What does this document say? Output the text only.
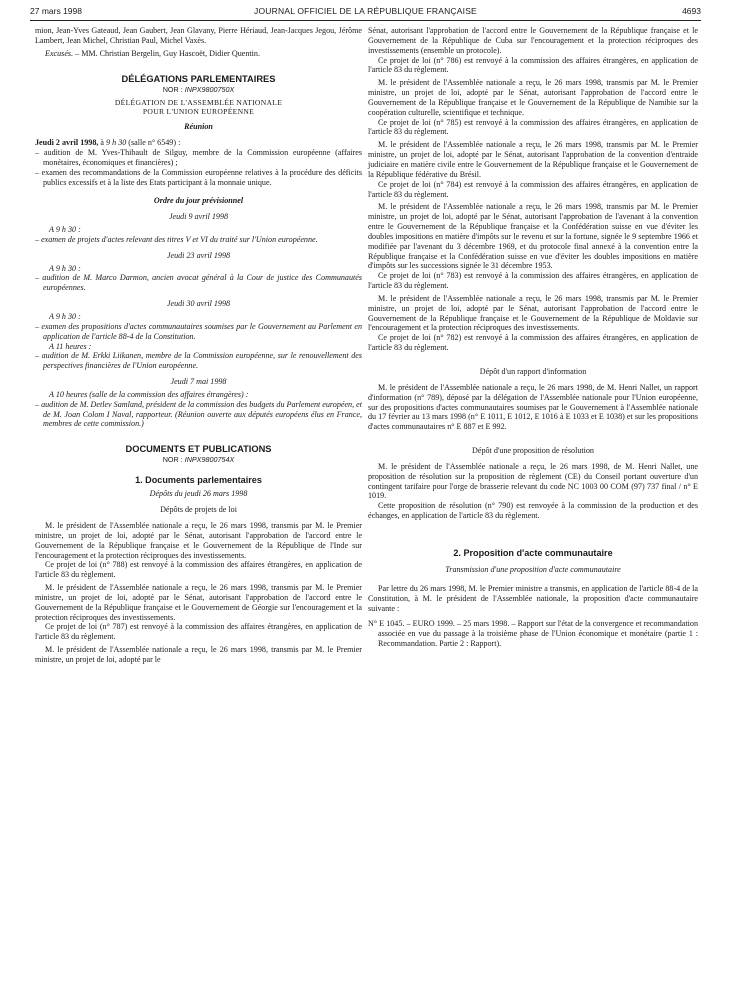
27 mars 1998	JOURNAL OFFICIEL DE LA RÉPUBLIQUE FRANÇAISE	4693

mion, Jean-Yves Gateaud, Jean Gaubert, Jean Glavany, Pierre Hériaud, Jean-Jacques Jegou, Jérôme Lambert, Jean Michel, Christian Paul, Michel Vaxès.

Excusés. – MM. Christian Bergelin, Guy Hascoët, Didier Quentin.

DÉLÉGATIONS PARLEMENTAIRES
NOR : INPX9800750X
DÉLÉGATION DE L'ASSEMBLÉE NATIONALE
POUR L'UNION EUROPÉENNE
Réunion

Jeudi 2 avril 1998, à 9 h 30 (salle n° 6549) :

– audition de M. Yves-Thibault de Silguy, membre de la Commission européenne (affaires monétaires, économiques et financières) ;

– examen des recommandations de la Commission européenne relatives à la procédure des déficits publics excessifs et à la liste des Etats participant à la monnaie unique.

Ordre du jour prévisionnel
Jeudi 9 avril 1998

A 9 h 30 :

– examen de projets d'actes relevant des titres V et VI du traité sur l'Union européenne.

Jeudi 23 avril 1998

A 9 h 30 :

– audition de M. Marco Darmon, ancien avocat général à la Cour de justice des Communautés européennes.

Jeudi 30 avril 1998

A 9 h 30 :

– examen des propositions d'actes communautaires soumises par le Gouvernement au Parlement en application de l'article 88-4 de la Constitution.

A 11 heures :

– audition de M. Erkki Liikanen, membre de la Commission européenne, sur le renouvellement des perspectives financières de l'Union européenne.

Jeudi 7 mai 1998

A 10 heures (salle de la commission des affaires étrangères) :

– audition de M. Detlev Samland, président de la commission des budgets du Parlement européen, et de M. Joan Colom I Naval, rapporteur. (Réunion ouverte aux députés européens élus en France, membres de cette commission.)

DOCUMENTS ET PUBLICATIONS
NOR : INPX9800754X
1. Documents parlementaires
Dépôts du jeudi 26 mars 1998
Dépôts de projets de loi

M. le président de l'Assemblée nationale a reçu, le 26 mars 1998, transmis par M. le Premier ministre, un projet de loi, adopté par le Sénat, autorisant l'approbation de l'accord entre le Gouvernement de la République française et le Gouvernement de la République de l'Inde sur l'encouragement et la protection réciproques des investissements.

Ce projet de loi (n° 788) est renvoyé à la commission des affaires étrangères, en application de l'article 83 du règlement.

M. le président de l'Assemblée nationale a reçu, le 26 mars 1998, transmis par M. le Premier ministre, un projet de loi, adopté par le Sénat, autorisant l'approbation de l'accord entre le Gouvernement de la République française et le Gouvernement de Géorgie sur l'encouragement et la protection réciproques des investissements.

Ce projet de loi (n° 787) est renvoyé à la commission des affaires étrangères, en application de l'article 83 du règlement.

M. le président de l'Assemblée nationale a reçu, le 26 mars 1998, transmis par M. le Premier ministre, un projet de loi, adopté par le

Sénat, autorisant l'approbation de l'accord entre le Gouvernement de la République française et le Gouvernement de la République de Cuba sur l'encouragement et la protection réciproques des investissements (ensemble un protocole).

Ce projet de loi (n° 786) est renvoyé à la commission des affaires étrangères, en application de l'article 83 du règlement.

M. le président de l'Assemblée nationale a reçu, le 26 mars 1998, transmis par M. le Premier ministre, un projet de loi, adopté par le Sénat, autorisant l'approbation de l'accord entre le Gouvernement de la République française et le Gouvernement de la République de Namibie sur la coopération culturelle, scientifique et technique.

Ce projet de loi (n° 785) est renvoyé à la commission des affaires étrangères, en application de l'article 83 du règlement.

M. le président de l'Assemblée nationale a reçu, le 26 mars 1998, transmis par M. le Premier ministre, un projet de loi, adopté par le Sénat, autorisant l'approbation de la convention d'entraide judiciaire en matière civile entre le Gouvernement de la République française et le Gouvernement de la République fédérative du Brésil.

Ce projet de loi (n° 784) est renvoyé à la commission des affaires étrangères, en application de l'article 83 du règlement.

M. le président de l'Assemblée nationale a reçu, le 26 mars 1998, transmis par M. le Premier ministre, un projet de loi, adopté par le Sénat, autorisant l'approbation de l'avenant à la convention entre le Gouvernement de la République française et la Confédération suisse en vue d'éviter les doubles impositions en matière d'impôts sur le revenu et sur la fortune, signée le 9 septembre 1966 et modifiée par l'avenant du 3 décembre 1969, et du protocole final annexé à la convention entre la République française et la Confédération suisse en vue d'éviter les doubles impositions en matière d'impôts sur les successions signée le 31 décembre 1953.

Ce projet de loi (n° 783) est renvoyé à la commission des affaires étrangères, en application de l'article 83 du règlement.

M. le président de l'Assemblée nationale a reçu, le 26 mars 1998, transmis par M. le Premier ministre, un projet de loi, adopté par le Sénat, autorisant l'approbation de l'accord entre le Gouvernement de la République française et le Gouvernement de la République de Moldavie sur l'encouragement et la protection réciproques des investissements.

Ce projet de loi (n° 782) est renvoyé à la commission des affaires étrangères, en application de l'article 83 du règlement.

Dépôt d'un rapport d'information

M. le président de l'Assemblée nationale a reçu, le 26 mars 1998, de M. Henri Nallet, un rapport d'information (n° 789), déposé par la délégation de l'Assemblée nationale pour l'Union européenne, sur des propositions d'actes communautaires soumises par le Gouvernement à l'Assemblée nationale du 17 février au 13 mars 1998 (n° E 1011, E 1012, E 1016 à E 1033 et E 1038) et sur les propositions d'actes communautaires n° E 887 et E 992.

Dépôt d'une proposition de résolution

M. le président de l'Assemblée nationale a reçu, le 26 mars 1998, de M. Henri Nallet, une proposition de résolution sur la proposition de règlement (CE) du Conseil portant ouverture d'un contingent tarifaire pour l'orge de brasserie relevant du code NC 1003 00 COM (97) 737 final / n° E 1019.

Cette proposition de résolution (n° 790) est renvoyée à la commission de la production et des échanges, en application de l'article 83 du règlement.

2. Proposition d'acte communautaire
Transmission d'une proposition d'acte communautaire

Par lettre du 26 mars 1998, M. le Premier ministre a transmis, en application de l'article 88-4 de la Constitution, à M. le président de l'Assemblée nationale, la proposition d'acte communautaire suivante :

N° E 1045. – EURO 1999. – 25 mars 1998. – Rapport sur l'état de la convergence et recommandation associée en vue du passage à la troisième phase de l'Union économique et monétaire (partie 1 : Recommandation. Partie 2 : Rapport).
